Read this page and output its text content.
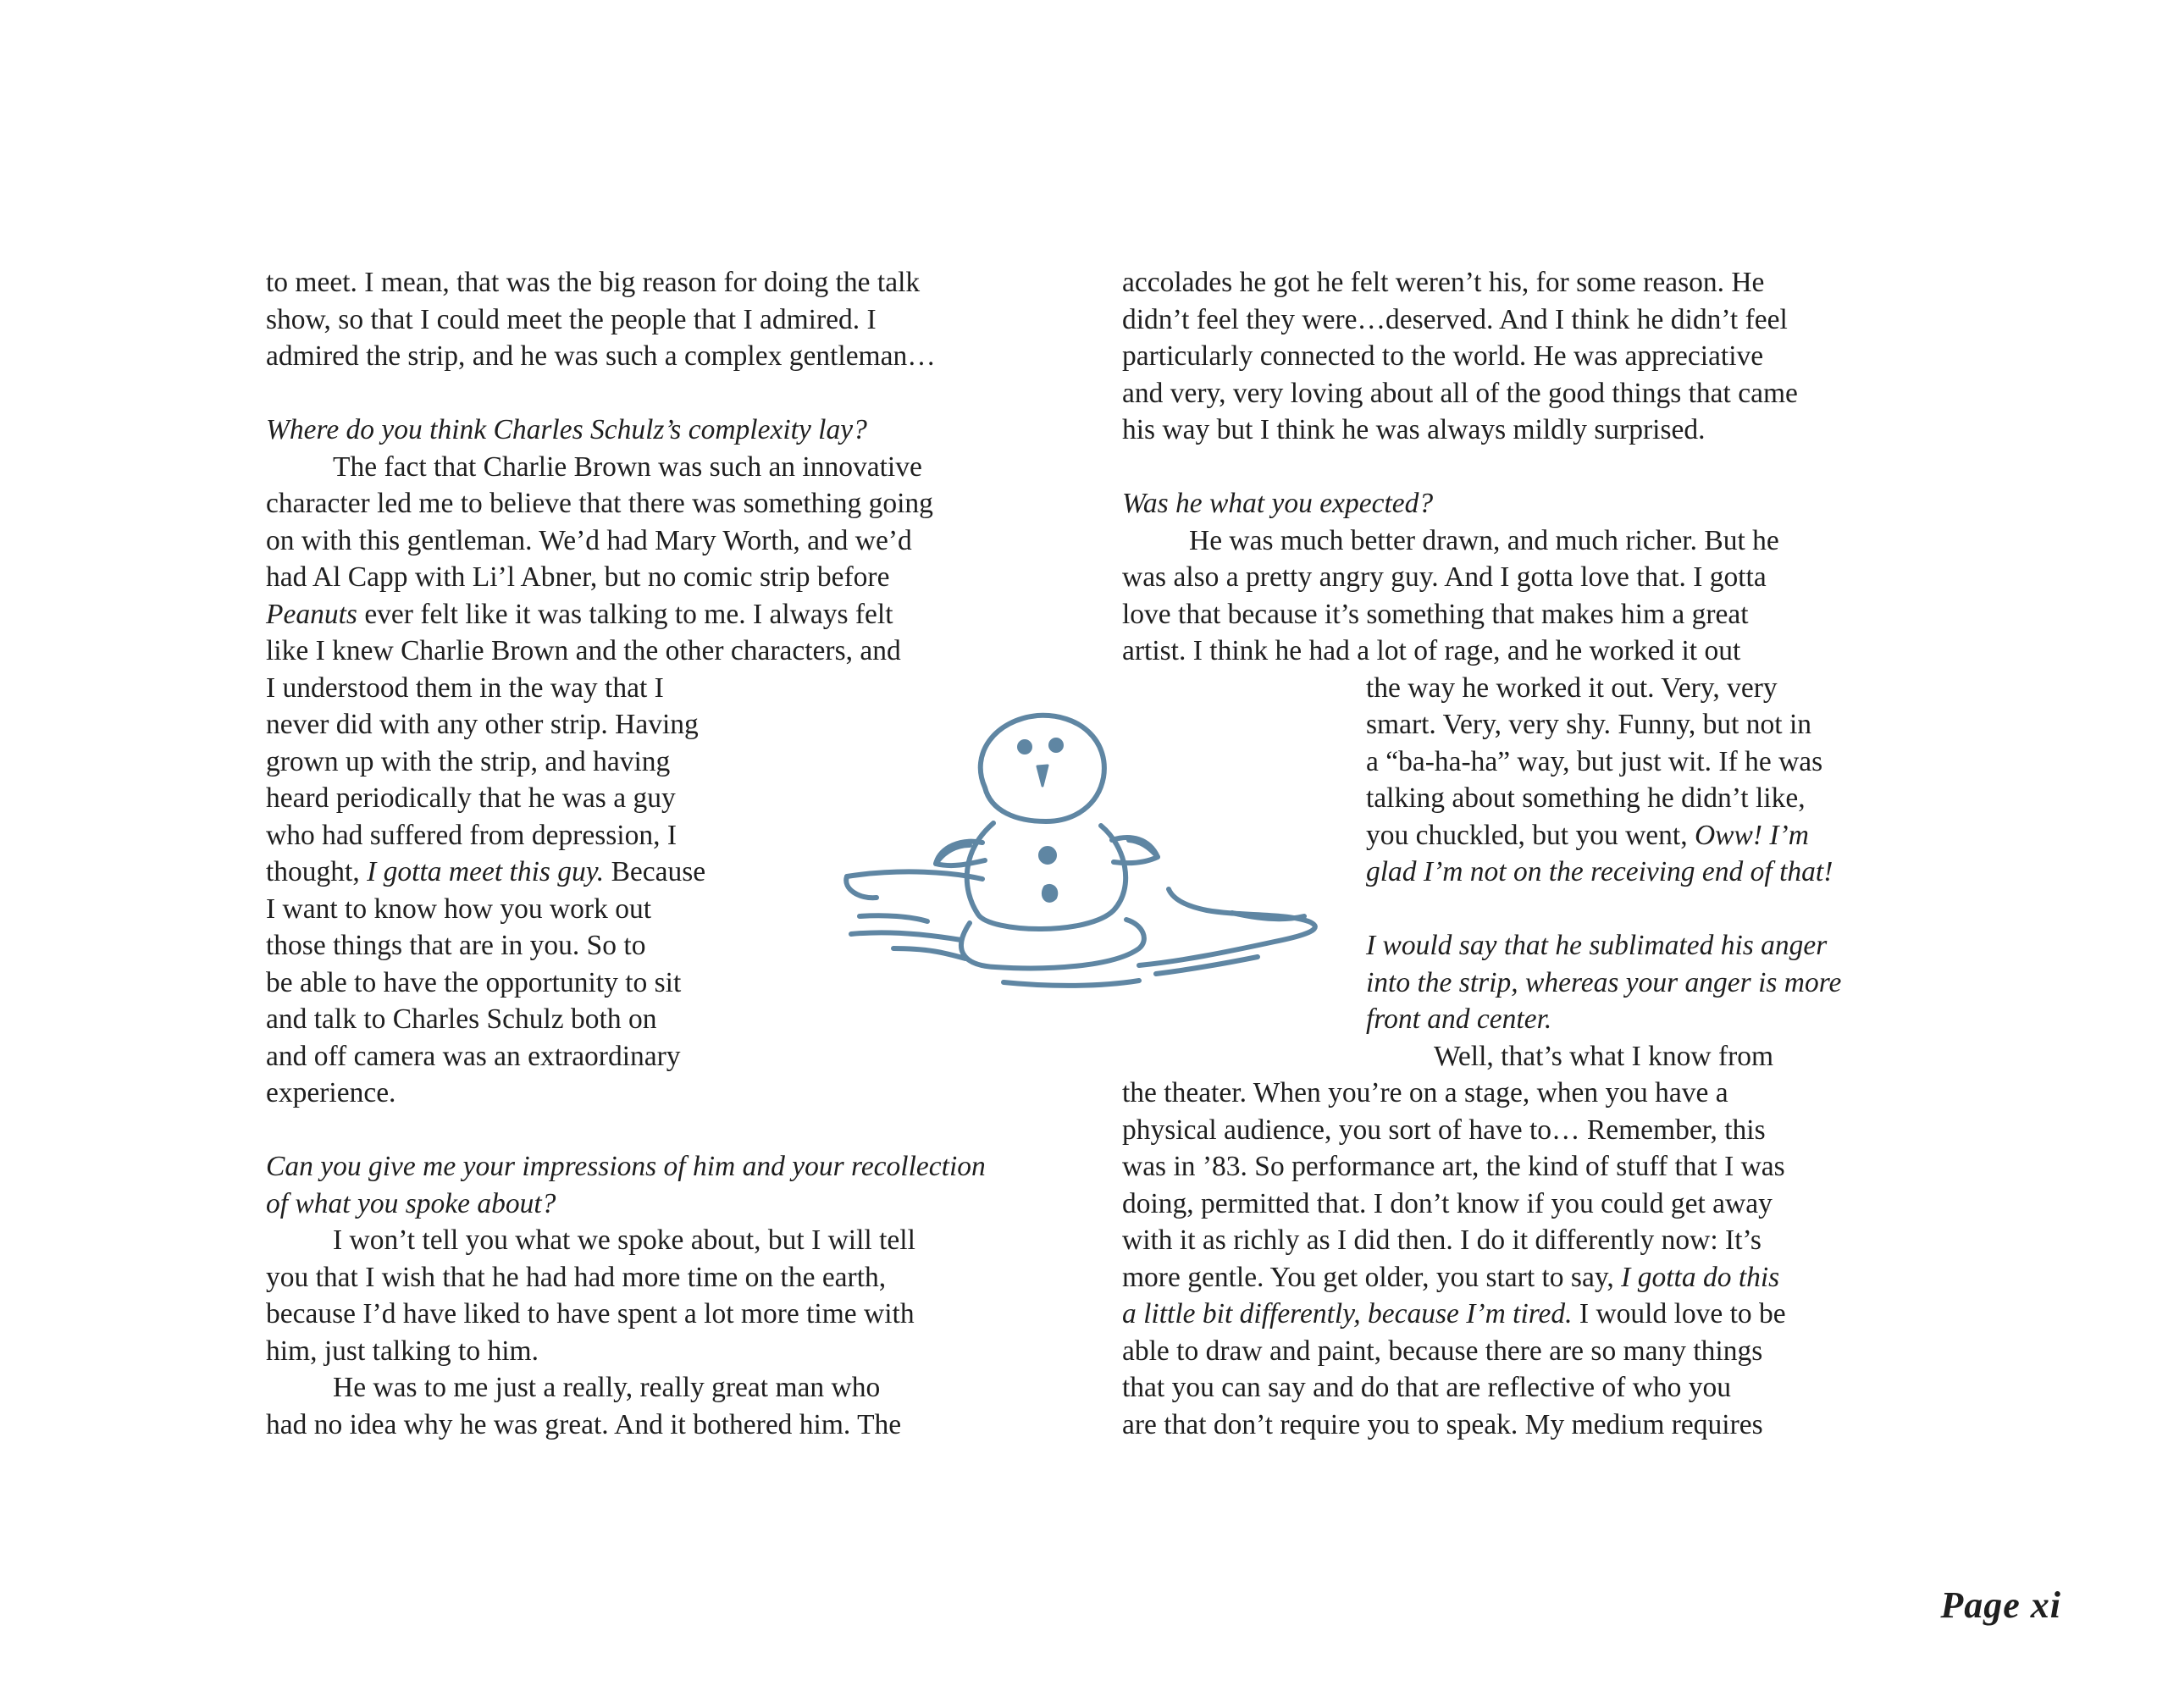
to meet. I mean, that was the big reason for doing the talk
show, so that I could meet the people that I admired. I
admired the strip, and he was such a complex gentleman…
Where do you think Charles Schulz’s complexity lay?
The fact that Charlie Brown was such an innovative
character led me to believe that there was something going
on with this gentleman. We’d had Mary Worth, and we’d
had Al Capp with Li’l Abner, but no comic strip before
Peanuts ever felt like it was talking to me. I always felt
like I knew Charlie Brown and the other characters, and
I understood them in the way that I
never did with any other strip. Having
grown up with the strip, and having
heard periodically that he was a guy
who had suffered from depression, I
thought, I gotta meet this guy. Because
I want to know how you work out
those things that are in you. So to
be able to have the opportunity to sit
and talk to Charles Schulz both on
and off camera was an extraordinary
experience.
Can you give me your impressions of him and your recollection
of what you spoke about?
I won’t tell you what we spoke about, but I will tell
you that I wish that he had had more time on the earth,
because I’d have liked to have spent a lot more time with
him, just talking to him.
He was to me just a really, really great man who
had no idea why he was great. And it bothered him. The
accolades he got he felt weren’t his, for some reason. He
didn’t feel they were…deserved. And I think he didn’t feel
particularly connected to the world. He was appreciative
and very, very loving about all of the good things that came
his way but I think he was always mildly surprised.
Was he what you expected?
He was much better drawn, and much richer. But he
was also a pretty angry guy. And I gotta love that. I gotta
love that because it’s something that makes him a great
artist. I think he had a lot of rage, and he worked it out
the way he worked it out. Very, very
smart. Very, very shy. Funny, but not in
a “ba-ha-ha” way, but just wit. If he was
talking about something he didn’t like,
you chuckled, but you went, Oww! I’m
glad I’m not on the receiving end of that!
I would say that he sublimated his anger
into the strip, whereas your anger is more
front and center.
Well, that’s what I know from
the theater. When you’re on a stage, when you have a
physical audience, you sort of have to… Remember, this
was in ’83. So performance art, the kind of stuff that I was
doing, permitted that. I don’t know if you could get away
with it as richly as I did then. I do it differently now: It’s
more gentle. You get older, you start to say, I gotta do this
a little bit differently, because I’m tired. I would love to be
able to draw and paint, because there are so many things
that you can say and do that are reflective of who you
are that don’t require you to speak. My medium requires
Page xi
